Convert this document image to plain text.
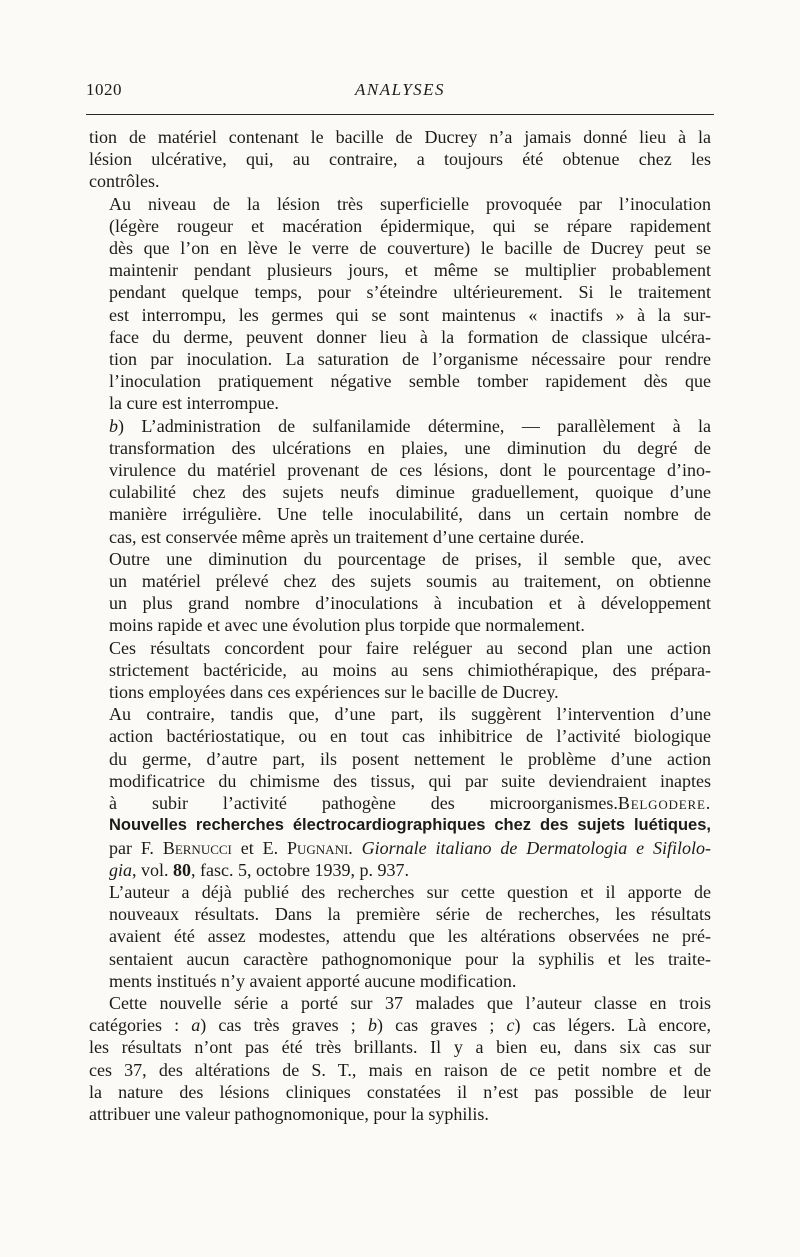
1020	ANALYSES

tion de matériel contenant le bacille de Ducrey n’a jamais donné lieu à la
lésion ulcérative, qui, au contraire, a toujours été obtenue chez les
contrôles.

Au niveau de la lésion très superficielle provoquée par l’inoculation
(légère rougeur et macération épidermique, qui se répare rapidement
dès que l’on en lève le verre de couverture) le bacille de Ducrey peut se
maintenir pendant plusieurs jours, et même se multiplier probablement
pendant quelque temps, pour s’éteindre ultérieurement. Si le traitement
est interrompu, les germes qui se sont maintenus « inactifs » à la sur-
face du derme, peuvent donner lieu à la formation de classique ulcéra-
tion par inoculation. La saturation de l’organisme nécessaire pour rendre
l’inoculation pratiquement négative semble tomber rapidement dès que
la cure est interrompue.

b) L’administration de sulfanilamide détermine, — parallèlement à la
transformation des ulcérations en plaies, une diminution du degré de
virulence du matériel provenant de ces lésions, dont le pourcentage d’ino-
culabilité chez des sujets neufs diminue graduellement, quoique d’une
manière irrégulière. Une telle inoculabilité, dans un certain nombre de
cas, est conservée même après un traitement d’une certaine durée.

Outre une diminution du pourcentage de prises, il semble que, avec
un matériel prélevé chez des sujets soumis au traitement, on obtienne
un plus grand nombre d’inoculations à incubation et à développement
moins rapide et avec une évolution plus torpide que normalement.

Ces résultats concordent pour faire reléguer au second plan une action
strictement bactéricide, au moins au sens chimiothérapique, des prépara-
tions employées dans ces expériences sur le bacille de Ducrey.

Au contraire, tandis que, d’une part, ils suggèrent l’intervention d’une
action bactériostatique, ou en tout cas inhibitrice de l’activité biologique
du germe, d’autre part, ils posent nettement le problème d’une action
modificatrice du chimisme des tissus, qui par suite deviendraient inaptes
à subir l’activité pathogène des microorganismes.Belgodere.

Nouvelles recherches électrocardiographiques chez des sujets luétiques,

par F. Bernucci et E. Pugnani. Giornale italiano de Dermatologia e Sifilolo-
gia, vol. 80, fasc. 5, octobre 1939, p. 937.

L’auteur a déjà publié des recherches sur cette question et il apporte de
nouveaux résultats. Dans la première série de recherches, les résultats
avaient été assez modestes, attendu que les altérations observées ne pré-
sentaient aucun caractère pathognomonique pour la syphilis et les traite-
ments institués n’y avaient apporté aucune modification.

Cette nouvelle série a porté sur 37 malades que l’auteur classe en trois
catégories : a) cas très graves ; b) cas graves ; c) cas légers. Là encore,
les résultats n’ont pas été très brillants. Il y a bien eu, dans six cas sur
ces 37, des altérations de S. T., mais en raison de ce petit nombre et de
la nature des lésions cliniques constatées il n’est pas possible de leur
attribuer une valeur pathognomonique, pour la syphilis.
